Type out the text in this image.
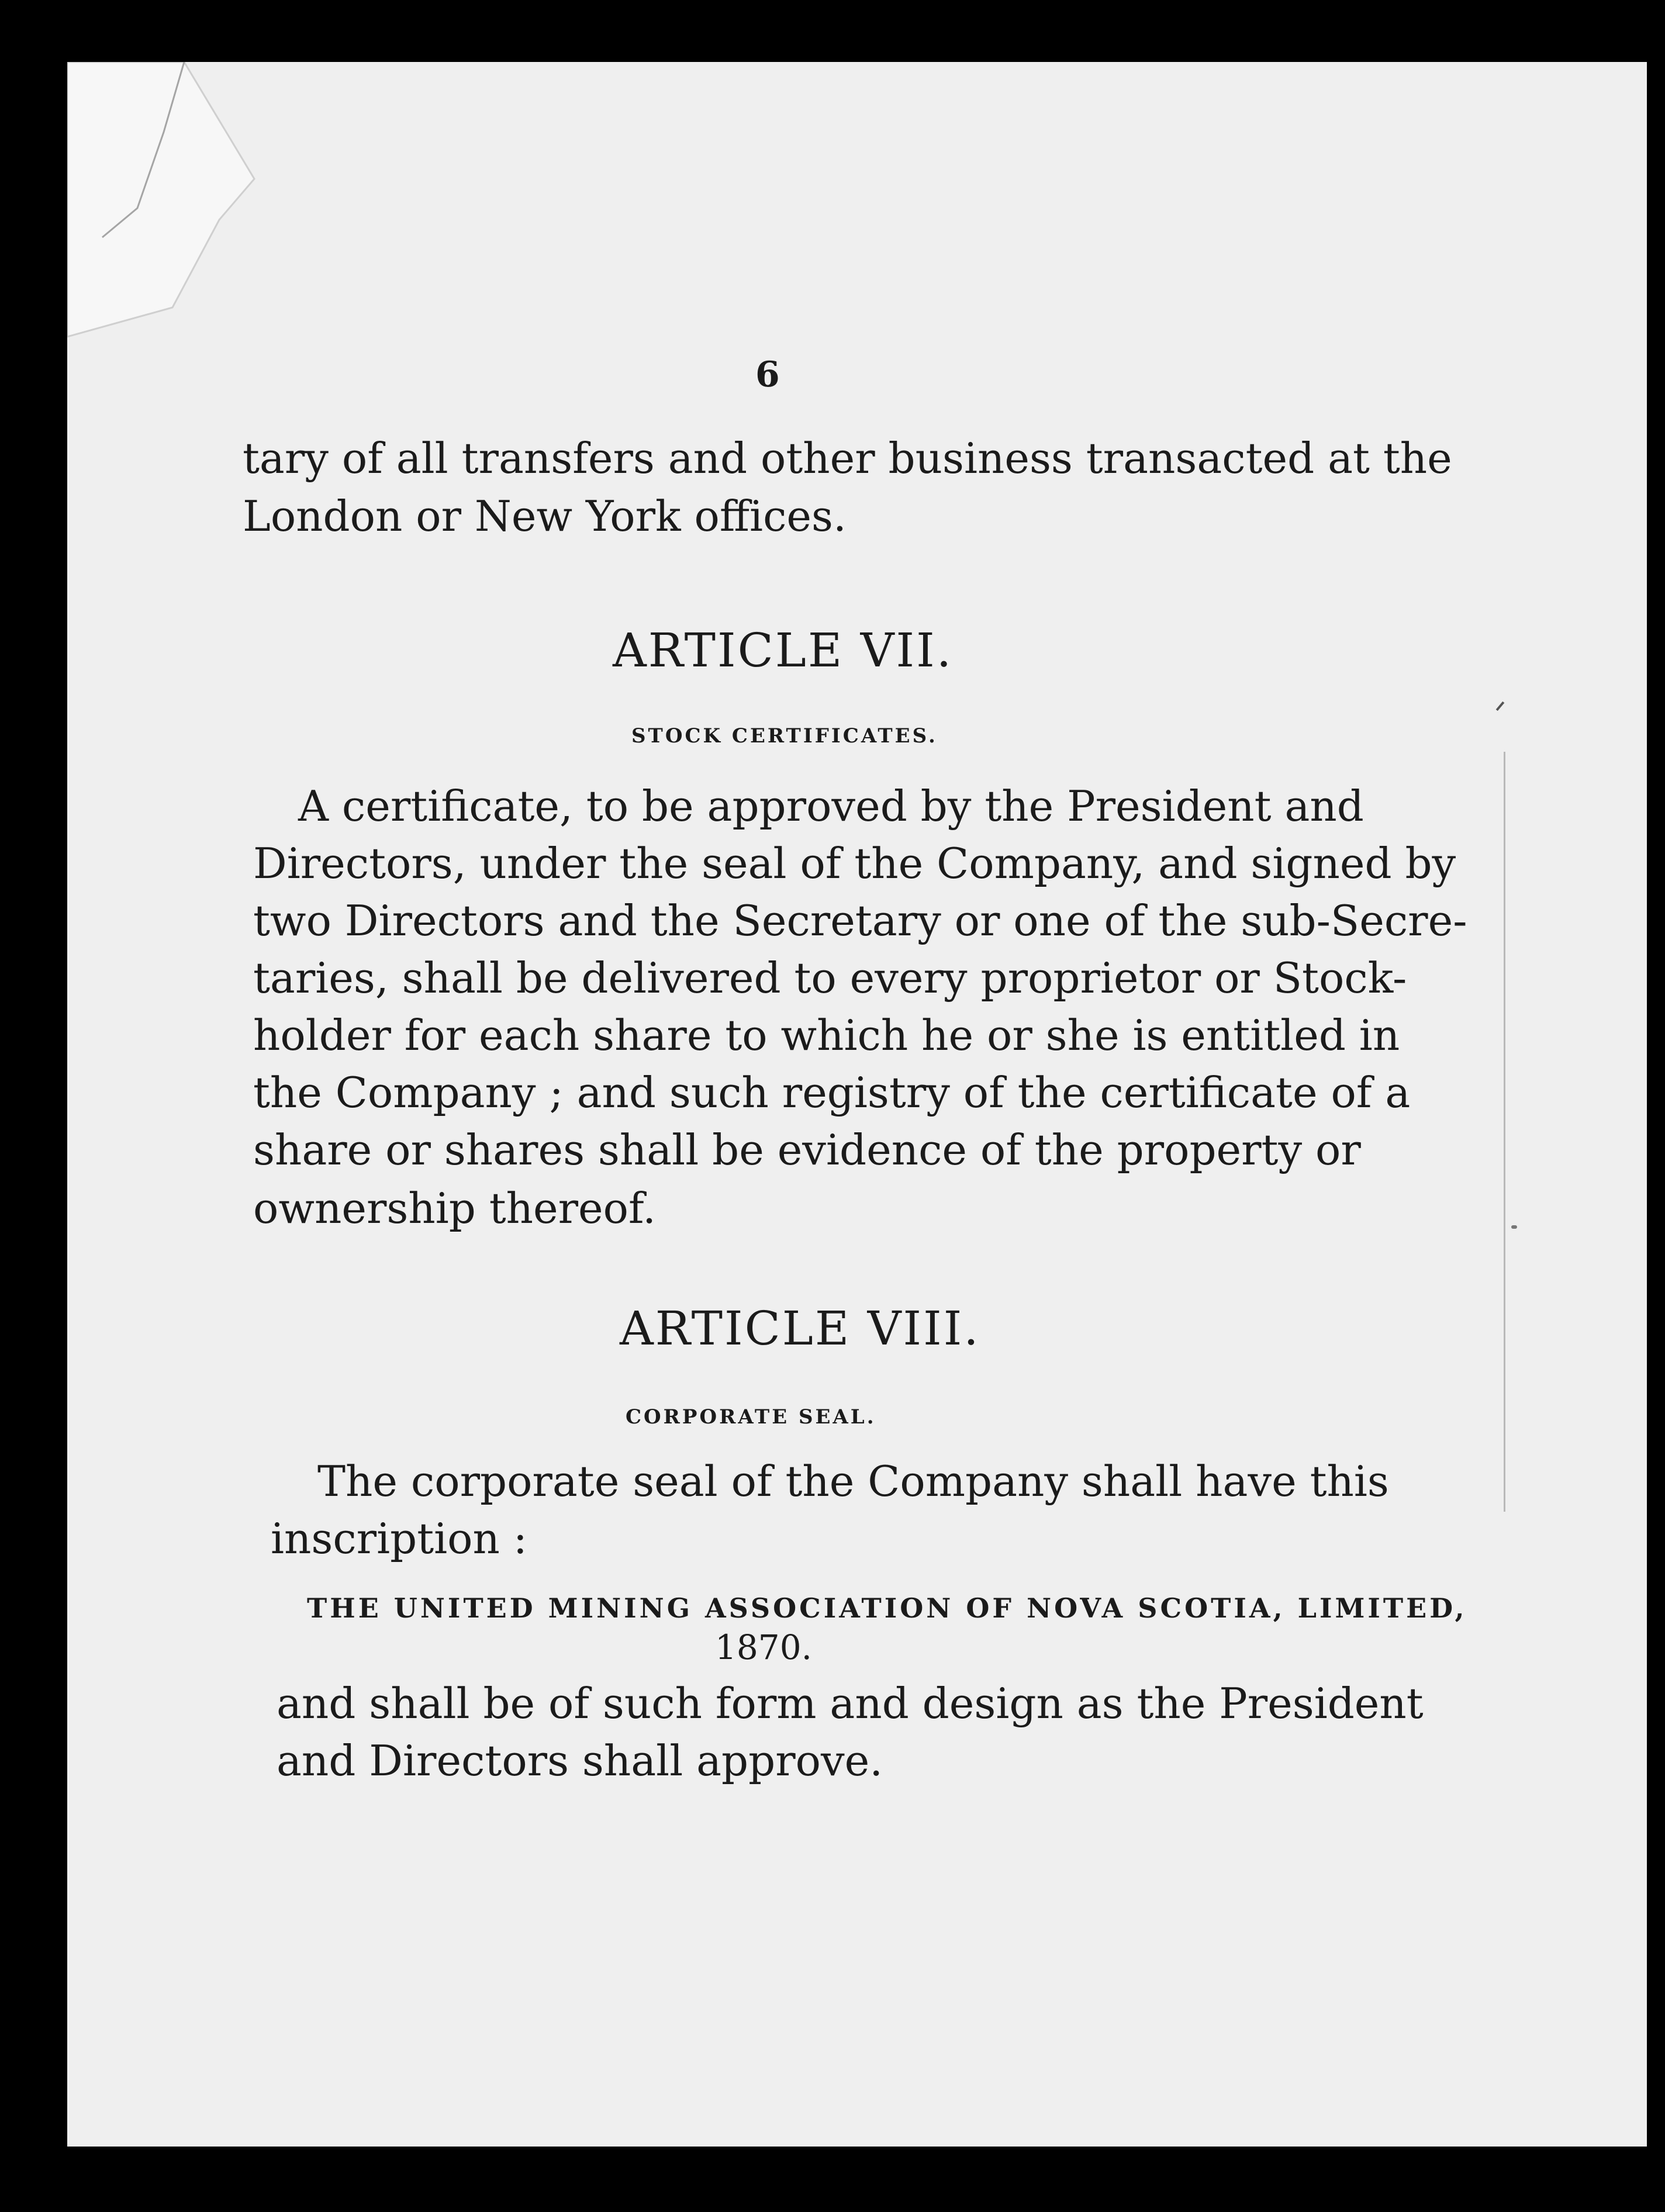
6
tary of all transfers and other business transacted at the
London or New York offices.
ARTICLE VII.
STOCK CERTIFICATES.
A certificate, to be approved by the President and
Directors, under the seal of the Company, and signed by
two Directors and the Secretary or one of the sub-Secre-
taries, shall be delivered to every proprietor or Stock-
holder for each share to which he or she is entitled in
the Company ; and such registry of the certificate of a
share or shares shall be evidence of the property or
ownership thereof.
ARTICLE VIII.
CORPORATE SEAL.
The corporate seal of the Company shall have this
inscription :
THE UNITED MINING ASSOCIATION OF NOVA SCOTIA, LIMITED,
1870.
and shall be of such form and design as the President
and Directors shall approve.
